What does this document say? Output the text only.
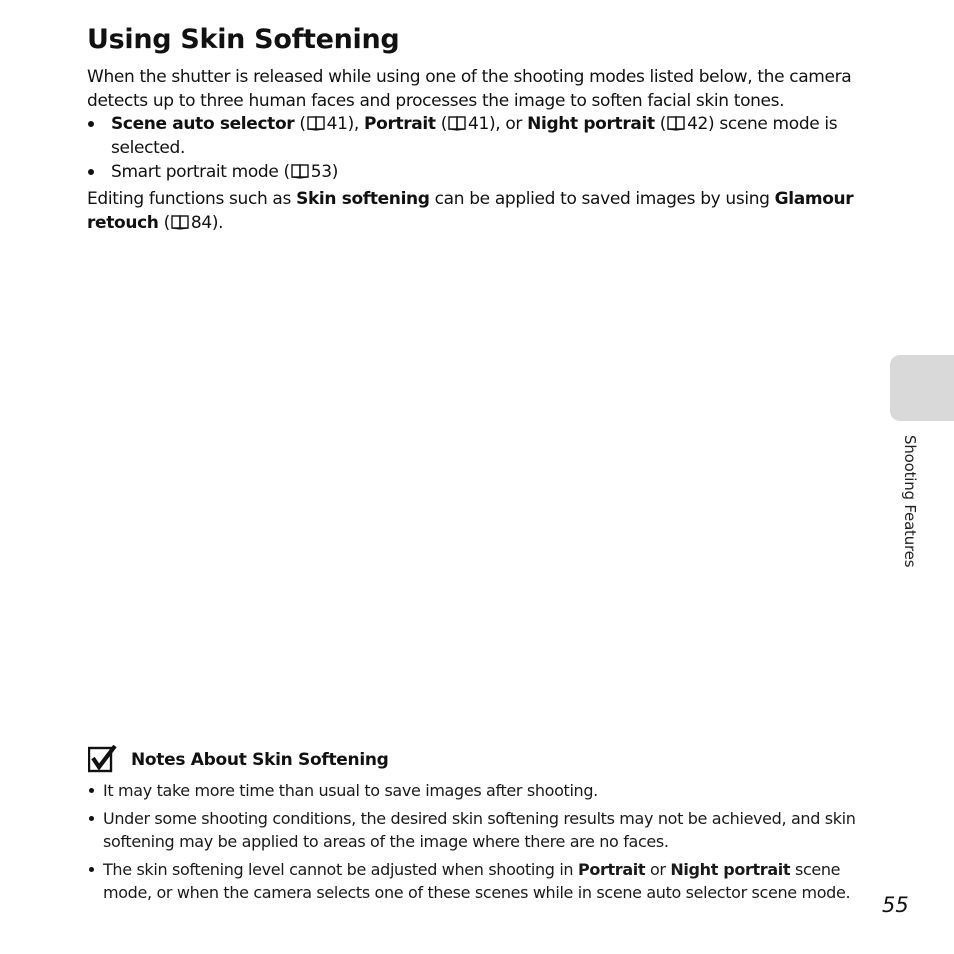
Using Skin Softening
When the shutter is released while using one of the shooting modes listed below, the camera detects up to three human faces and processes the image to soften facial skin tones.
Scene auto selector ( 41), Portrait ( 41), or Night portrait ( 42) scene mode is selected.
Smart portrait mode ( 53)
Editing functions such as Skin softening can be applied to saved images by using Glamour retouch ( 84).
Shooting Features
Notes About Skin Softening
It may take more time than usual to save images after shooting.
Under some shooting conditions, the desired skin softening results may not be achieved, and skin softening may be applied to areas of the image where there are no faces.
The skin softening level cannot be adjusted when shooting in Portrait or Night portrait scene mode, or when the camera selects one of these scenes while in scene auto selector scene mode.
55
